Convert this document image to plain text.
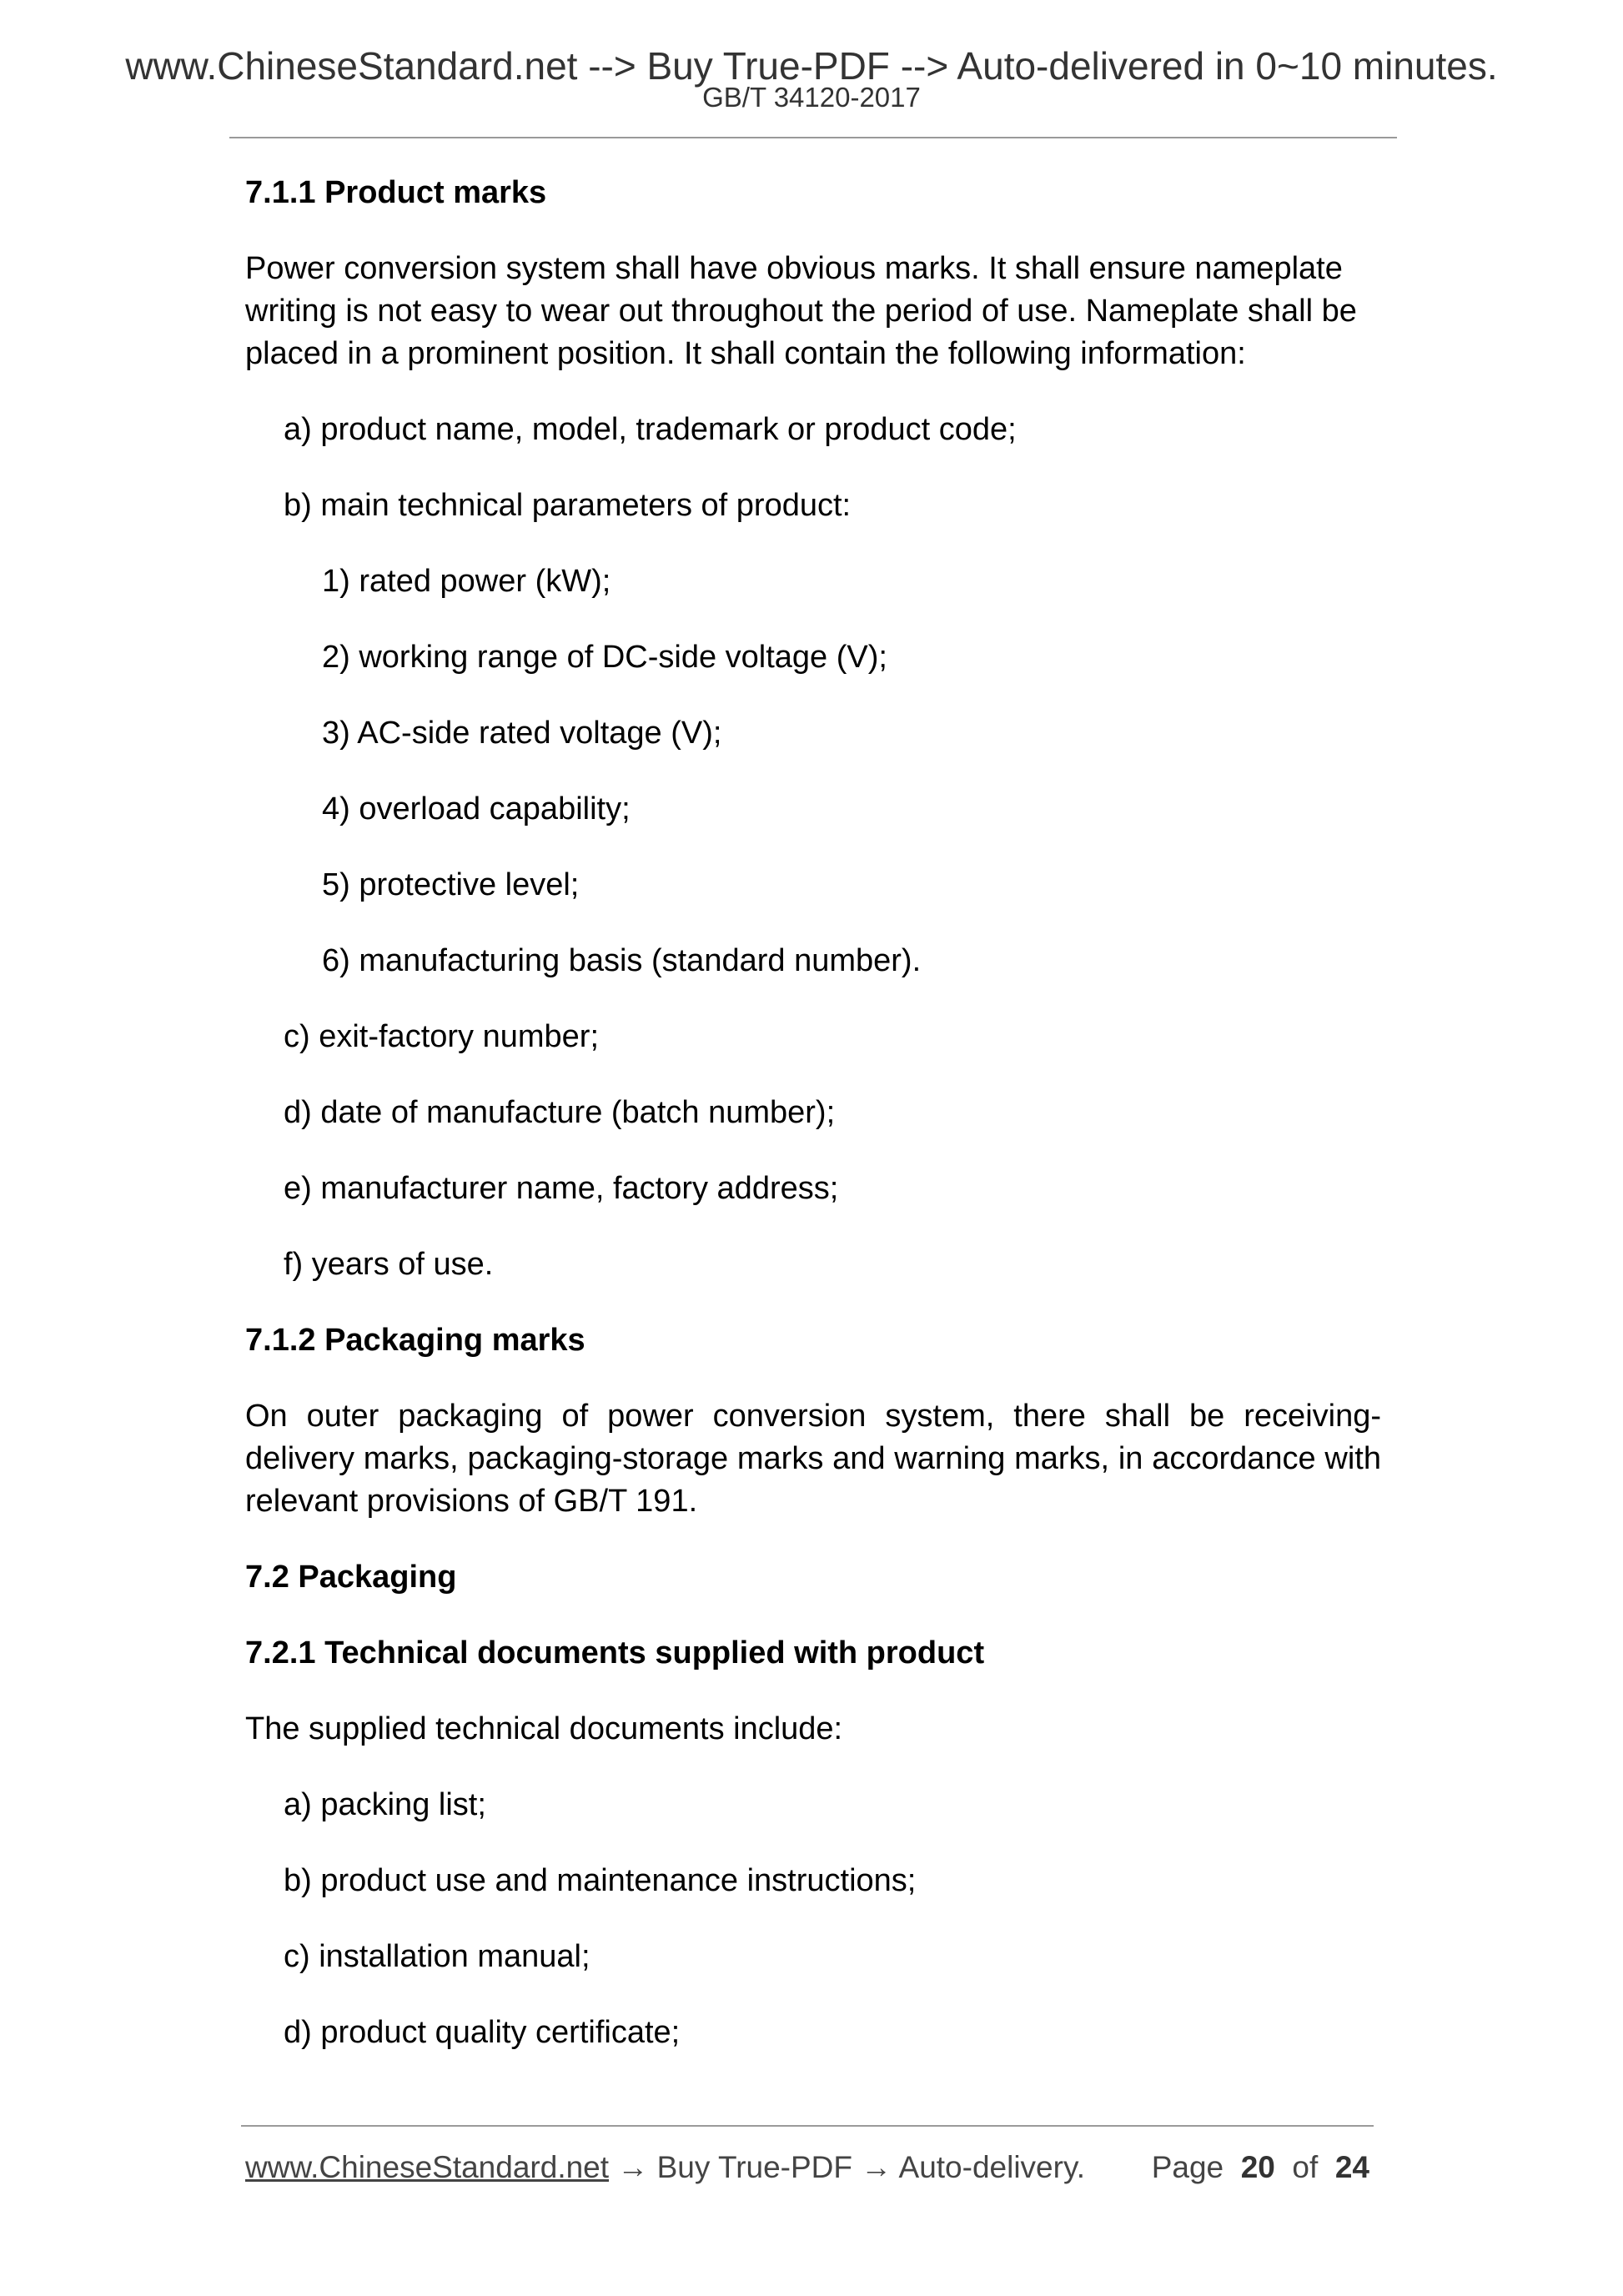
www.ChineseStandard.net --> Buy True-PDF --> Auto-delivered in 0~10 minutes.
GB/T 34120-2017
7.1.1 Product marks
Power conversion system shall have obvious marks. It shall ensure nameplate writing is not easy to wear out throughout the period of use. Nameplate shall be placed in a prominent position. It shall contain the following information:
a) product name, model, trademark or product code;
b) main technical parameters of product:
1) rated power (kW);
2) working range of DC-side voltage (V);
3) AC-side rated voltage (V);
4) overload capability;
5) protective level;
6) manufacturing basis (standard number).
c) exit-factory number;
d) date of manufacture (batch number);
e) manufacturer name, factory address;
f) years of use.
7.1.2 Packaging marks
On outer packaging of power conversion system, there shall be receiving-delivery marks, packaging-storage marks and warning marks, in accordance with relevant provisions of GB/T 191.
7.2 Packaging
7.2.1 Technical documents supplied with product
The supplied technical documents include:
a) packing list;
b) product use and maintenance instructions;
c) installation manual;
d) product quality certificate;
www.ChineseStandard.net → Buy True-PDF → Auto-delivery. Page 20 of 24
